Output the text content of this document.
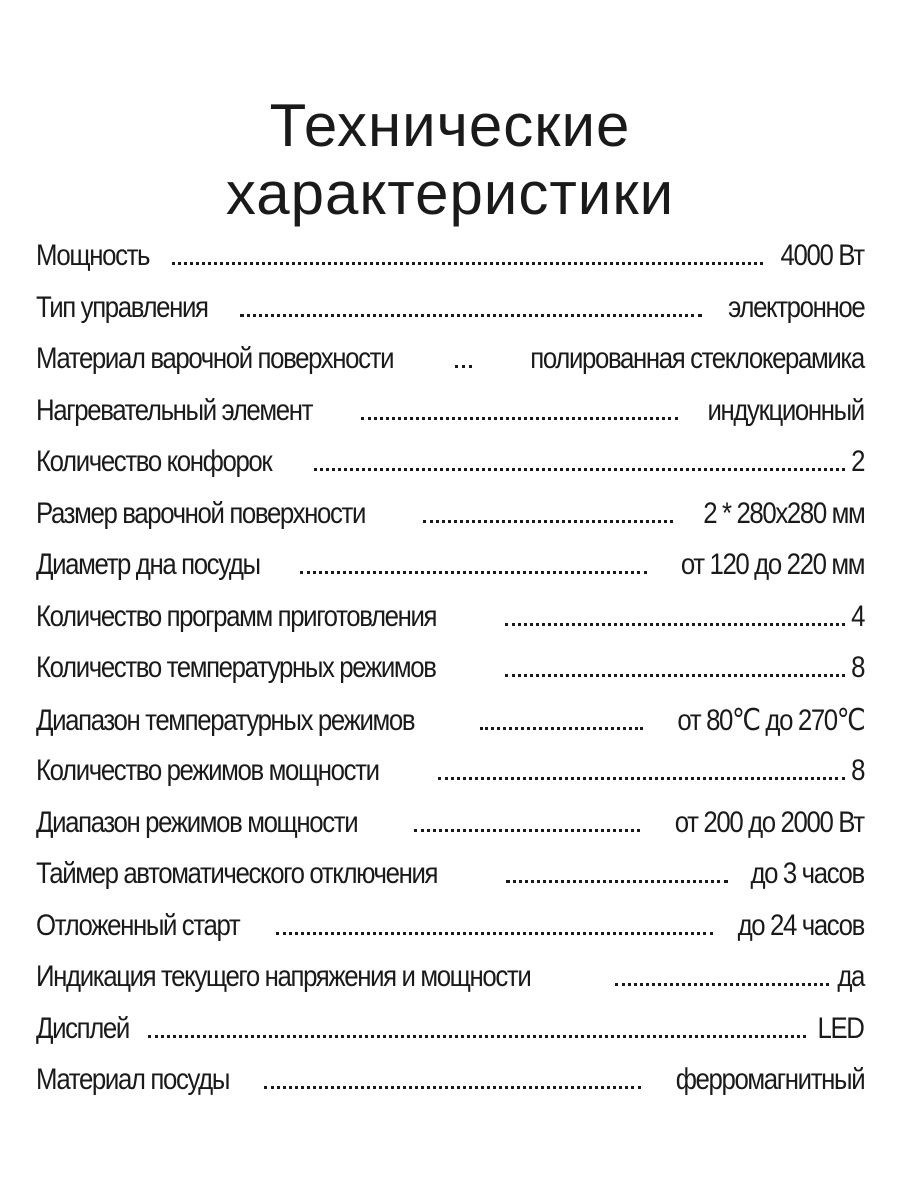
Технические
характеристики
Мощность	4000 Вт
Тип управления	электронное
Материал варочной поверхности	полированная стеклокерамика
Нагревательный элемент	индукционный
Количество конфорок	2
Размер варочной поверхности	2 * 280x280 мм
Диаметр дна посуды	от 120 до 220 мм
Количество программ приготовления	4
Количество температурных режимов	8
Диапазон температурных режимов	от 80℃ до 270℃
Количество режимов мощности	8
Диапазон режимов мощности	от 200 до 2000 Вт
Таймер автоматического отключения	до 3 часов
Отложенный старт	до 24 часов
Индикация текущего напряжения и мощности	да
Дисплей	LED
Материал посуды	ферромагнитный
